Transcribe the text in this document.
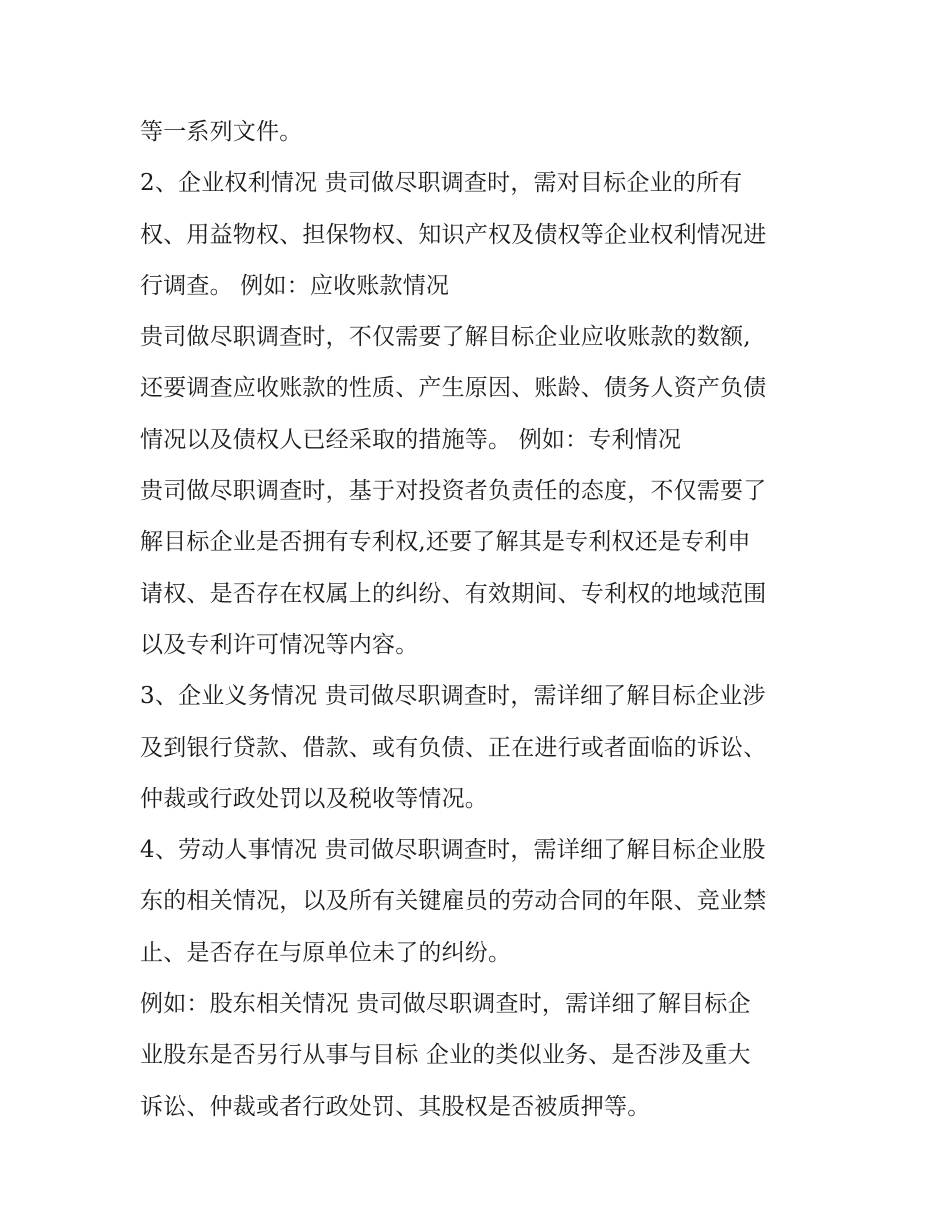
等一系列文件。
2、企业权利情况 贵司做尽职调查时，需对目标企业的所有
权、用益物权、担保物权、知识产权及债权等企业权利情况进
行调查。 例如：应收账款情况
贵司做尽职调查时，不仅需要了解目标企业应收账款的数额,
还要调查应收账款的性质、产生原因、账龄、债务人资产负债
情况以及债权人已经采取的措施等。 例如：专利情况
贵司做尽职调查时，基于对投资者负责任的态度，不仅需要了
解目标企业是否拥有专利权,还要了解其是专利权还是专利申
请权、是否存在权属上的纠纷、有效期间、专利权的地域范围
以及专利许可情况等内容。
3、企业义务情况 贵司做尽职调查时，需详细了解目标企业涉
及到银行贷款、借款、或有负债、正在进行或者面临的诉讼、
仲裁或行政处罚以及税收等情况。
4、劳动人事情况 贵司做尽职调查时，需详细了解目标企业股
东的相关情况，以及所有关键雇员的劳动合同的年限、竞业禁
止、是否存在与原单位未了的纠纷。
例如：股东相关情况 贵司做尽职调查时，需详细了解目标企
业股东是否另行从事与目标 企业的类似业务、是否涉及重大
诉讼、仲裁或者行政处罚、其股权是否被质押等。
